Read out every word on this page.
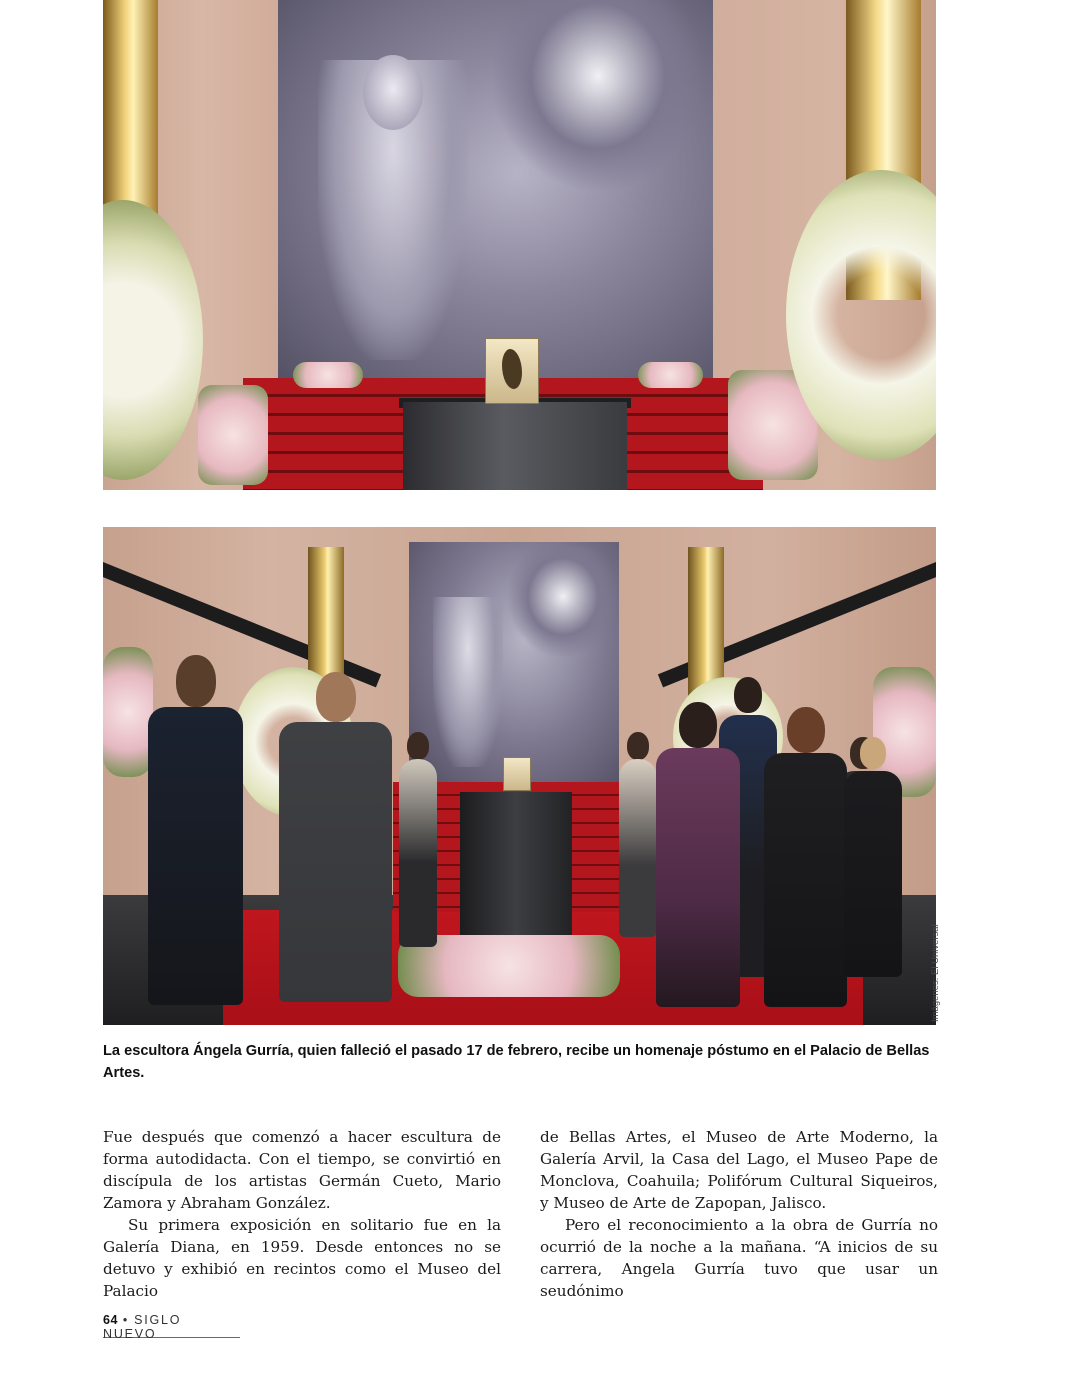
Imágenes: El Universal
La escultora Ángela Gurría, quien falleció el pasado 17 de febrero, recibe un homenaje póstumo en el Palacio de Bellas Artes.

Fue después que comenzó a hacer escultura de forma autodidacta. Con el tiempo, se convirtió en discípula de los artistas Germán Cueto, Mario Zamora y Abraham González.

Su primera exposición en solitario fue en la Galería Diana, en 1959. Desde entonces no se detuvo y exhibió en recintos como el Museo del Palacio

de Bellas Artes, el Museo de Arte Moderno, la Galería Arvil, la Casa del Lago, el Museo Pape de Monclova, Coahuila; Polifórum Cultural Siqueiros, y Museo de Arte de Zapopan, Jalisco.

Pero el reconocimiento a la obra de Gurría no ocurrió de la noche a la mañana. “A inicios de su carrera, Angela Gurría tuvo que usar un seudónimo

64 • SIGLO NUEVO
